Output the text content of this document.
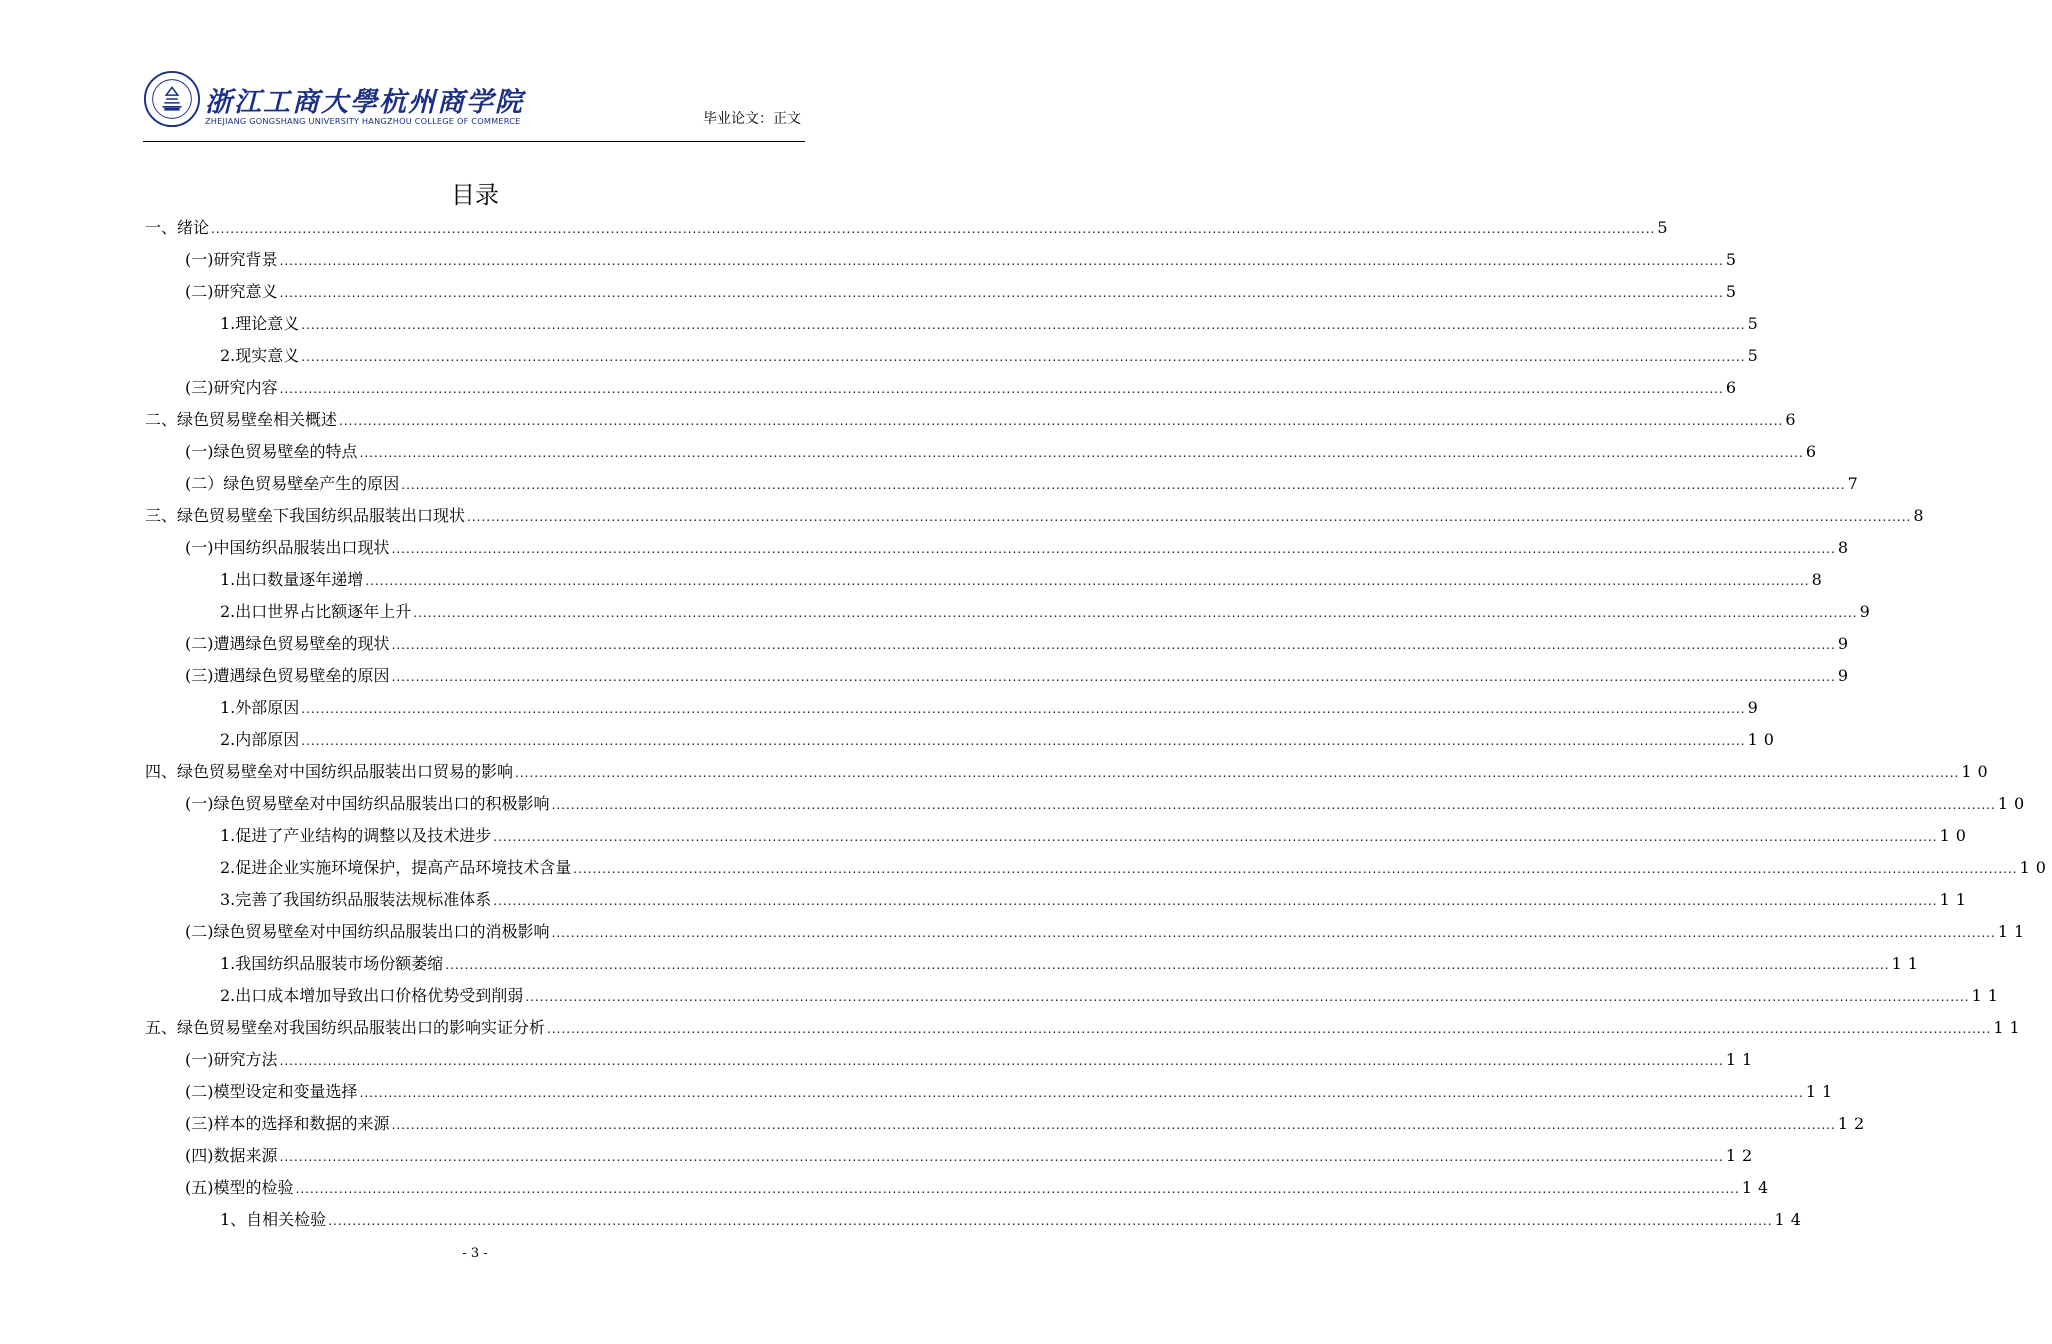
浙江工商大學杭州商学院
ZHEJIANG GONGSHANG UNIVERSITY HANGZHOU COLLEGE OF COMMERCE	毕业论文：正文
目录
一、绪论 ............................................................................................................................................................................................................................................................................................................ 5
(一)研究背景 ............................................................................................................................................................................................................................................................................................................ 5
(二)研究意义 ............................................................................................................................................................................................................................................................................................................ 5
1.理论意义 ............................................................................................................................................................................................................................................................................................................ 5
2.现实意义 ............................................................................................................................................................................................................................................................................................................ 5
(三)研究内容 ............................................................................................................................................................................................................................................................................................................ 6
二、绿色贸易壁垒相关概述 ............................................................................................................................................................................................................................................................................................................ 6
(一)绿色贸易壁垒的特点 ............................................................................................................................................................................................................................................................................................................ 6
(二）绿色贸易壁垒产生的原因 ............................................................................................................................................................................................................................................................................................................ 7
三、绿色贸易壁垒下我国纺织品服装出口现状 ............................................................................................................................................................................................................................................................................................................ 8
(一)中国纺织品服装出口现状 ............................................................................................................................................................................................................................................................................................................ 8
1.出口数量逐年递增 ............................................................................................................................................................................................................................................................................................................ 8
2.出口世界占比额逐年上升 ............................................................................................................................................................................................................................................................................................................ 9
(二)遭遇绿色贸易壁垒的现状 ............................................................................................................................................................................................................................................................................................................ 9
(三)遭遇绿色贸易壁垒的原因 ............................................................................................................................................................................................................................................................................................................ 9
1.外部原因 ............................................................................................................................................................................................................................................................................................................ 9
2.内部原因 ............................................................................................................................................................................................................................................................................................................ 10
四、绿色贸易壁垒对中国纺织品服装出口贸易的影响 ............................................................................................................................................................................................................................................................................................................ 10
(一)绿色贸易壁垒对中国纺织品服装出口的积极影响 ............................................................................................................................................................................................................................................................................................................ 10
1.促进了产业结构的调整以及技术进步 ............................................................................................................................................................................................................................................................................................................ 10
2.促进企业实施环境保护，提高产品环境技术含量 ............................................................................................................................................................................................................................................................................................................ 10
3.完善了我国纺织品服装法规标准体系 ............................................................................................................................................................................................................................................................................................................ 11
(二)绿色贸易壁垒对中国纺织品服装出口的消极影响 ............................................................................................................................................................................................................................................................................................................ 11
1.我国纺织品服装市场份额萎缩 ............................................................................................................................................................................................................................................................................................................ 11
2.出口成本增加导致出口价格优势受到削弱 ............................................................................................................................................................................................................................................................................................................ 11
五、绿色贸易壁垒对我国纺织品服装出口的影响实证分析 ............................................................................................................................................................................................................................................................................................................ 11
(一)研究方法 ............................................................................................................................................................................................................................................................................................................ 11
(二)模型设定和变量选择 ............................................................................................................................................................................................................................................................................................................ 11
(三)样本的选择和数据的来源 ............................................................................................................................................................................................................................................................................................................ 12
(四)数据来源 ............................................................................................................................................................................................................................................................................................................ 12
(五)模型的检验 ............................................................................................................................................................................................................................................................................................................ 14
1、自相关检验 ............................................................................................................................................................................................................................................................................................................ 14
- 3 -
